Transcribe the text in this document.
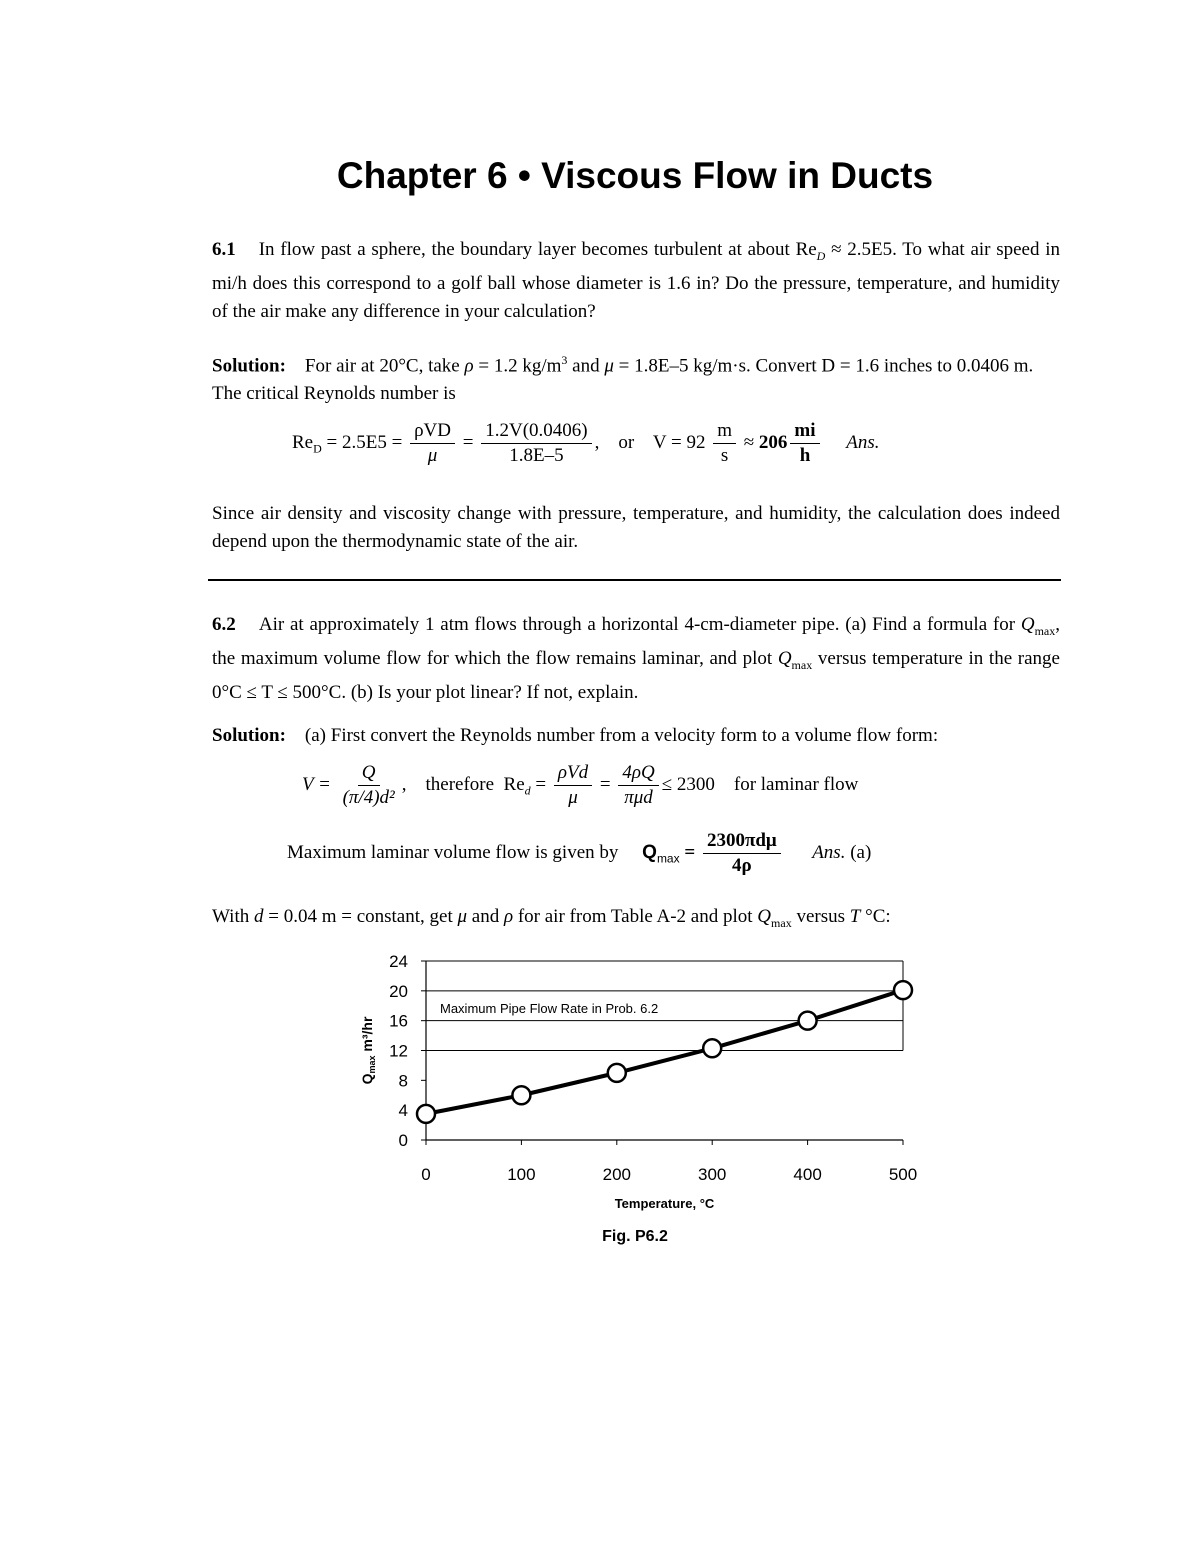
Chapter 6 • Viscous Flow in Ducts
6.1 In flow past a sphere, the boundary layer becomes turbulent at about $Re_D \approx 2.5E5$. To what air speed in mi/h does this correspond to a golf ball whose diameter is 1.6 in? Do the pressure, temperature, and humidity of the air make any difference in your calculation?
Solution: For air at 20°C, take ρ = 1.2 $kg/m^3$ and μ = 1.8E–5 kg/m·s. Convert D = 1.6 inches to 0.0406 m. The critical Reynolds number is
$Re_D = 2.5E5 = \frac{\text{ρVD}}{\mu} = \frac{1.2V(0.0406)}{1.8E-5}$ ,    or    $V = 92 \frac{m}{s} \approx 206 \frac{mi}{h}$ Ans.
Since air density and viscosity change with pressure, temperature, and humidity, the calculation does indeed depend upon the thermodynamic state of the air.
6.2 Air at approximately 1 atm flows through a horizontal 4-cm-diameter pipe. (a) Find a formula for $Q_{max}$, the maximum volume flow for which the flow remains laminar, and plot $Q_{max}$ versus temperature in the range 0°C ≤ T ≤ 500°C. (b) Is your plot linear? If not, explain.
Solution: (a) First convert the Reynolds number from a velocity form to a volume flow form:
$V = \frac{Q}{\text{(π/4)d²}}$ ,    therefore  $Re_d = \frac{\text{ρVd}}{\mu} = \frac{4\rho Q}{\text{πμd}} \le 2300$    for laminar flow
Maximum laminar volume flow is given by $Q_{max} = \frac{\text{2300πdμ}}{4\rho}$ Ans. (a)
With d = 0.04 m = constant, get μ and ρ for air from Table A-2 and plot $Q_{max}$ versus T °C:
0
4
8
12
16
20
24
0	100	200	300	400	500
Maximum Pipe Flow Rate in Prob. 6.2
Temperature, °C
$Q_{max}$ m³/hr
Fig. P6.2
